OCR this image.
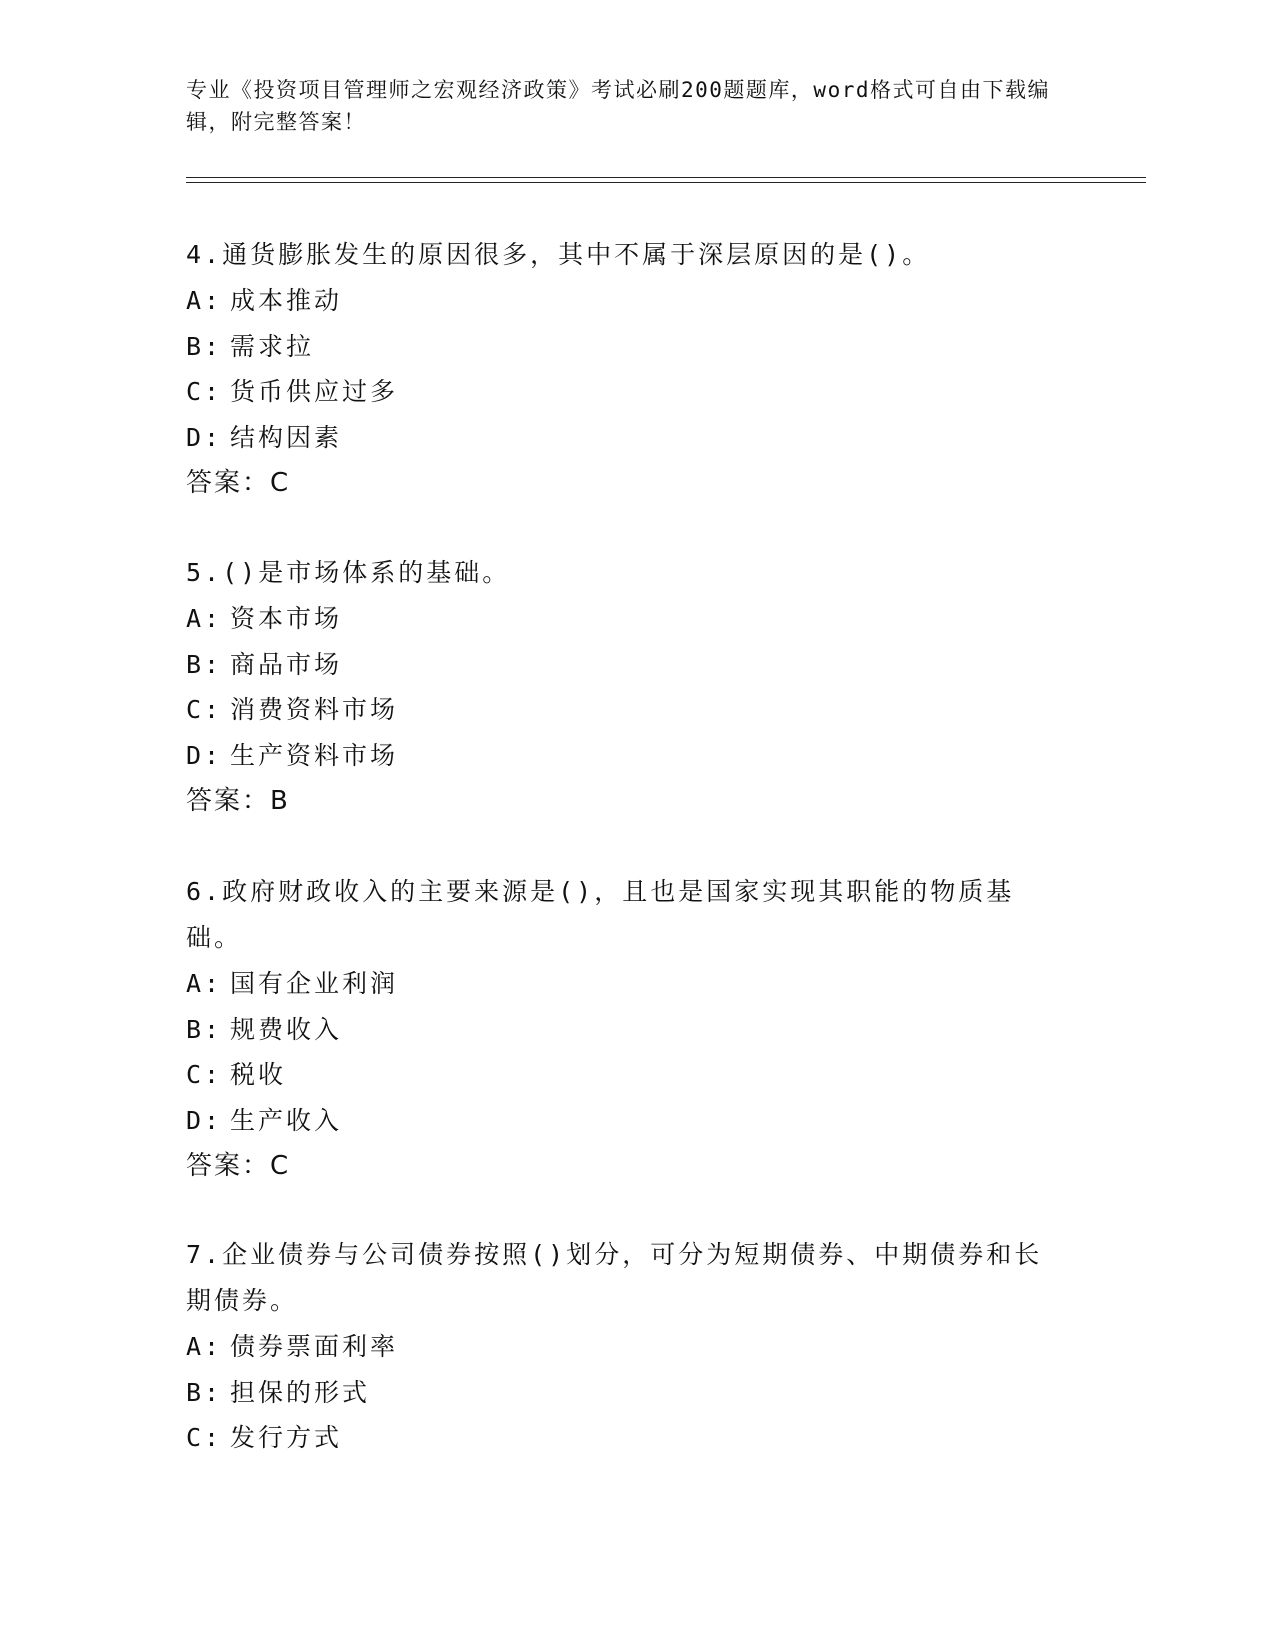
专业《投资项目管理师之宏观经济政策》考试必刷200题题库，word格式可自由下载编辑，附完整答案！

4.通货膨胀发生的原因很多，其中不属于深层原因的是()。

A: 成本推动

B: 需求拉

C: 货币供应过多

D: 结构因素

答案：C

5.()是市场体系的基础。

A: 资本市场

B: 商品市场

C: 消费资料市场

D: 生产资料市场

答案：B

6.政府财政收入的主要来源是()，且也是国家实现其职能的物质基础。

A: 国有企业利润

B: 规费收入

C: 税收

D: 生产收入

答案：C

7.企业债券与公司债券按照()划分，可分为短期债券、中期债券和长期债券。

A: 债券票面利率

B: 担保的形式

C: 发行方式
